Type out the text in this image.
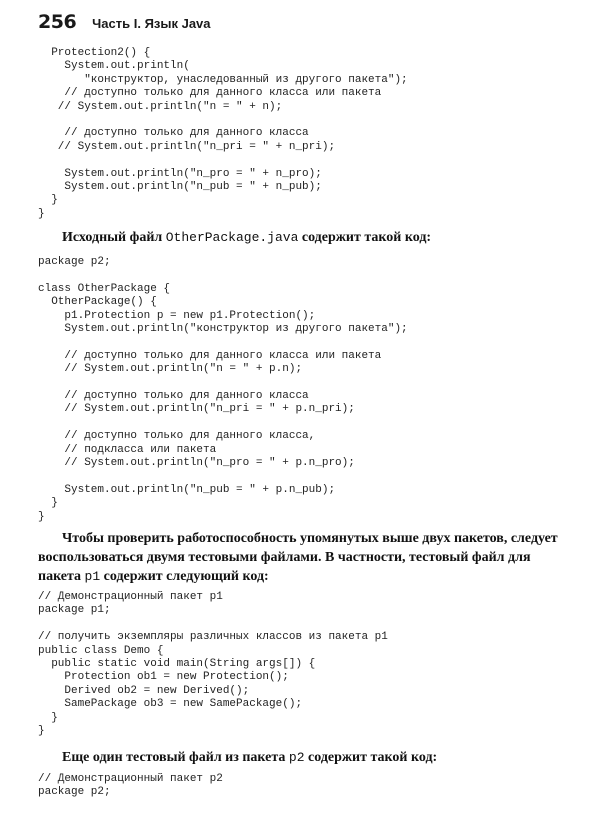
256 Часть I. Язык Java
Protection2() {
System.out.println(
"конструктор, унаследованный из другого пакета");
// доступно только для данного класса или пакета
// System.out.println("n = " + n);

// доступно только для данного класса
// System.out.println("n_pri = " + n_pri);

System.out.println("n_pro = " + n_pro);
System.out.println("n_pub = " + n_pub);
}
}
Исходный файл OtherPackage.java содержит такой код:
package p2;

class OtherPackage {
OtherPackage() {
p1.Protection p = new p1.Protection();
System.out.println("конструктор из другого пакета");

// доступно только для данного класса или пакета
// System.out.println("n = " + p.n);

// доступно только для данного класса
// System.out.println("n_pri = " + p.n_pri);

// доступно только для данного класса,
// подкласса или пакета
// System.out.println("n_pro = " + p.n_pro);

System.out.println("n_pub = " + p.n_pub);
}
}
Чтобы проверить работоспособность упомянутых выше двух пакетов, следует воспользоваться двумя тестовыми файлами. В частности, тестовый файл для пакета p1 содержит следующий код:
// Демонстрационный пакет p1
package p1;

// получить экземпляры различных классов из пакета p1
public class Demo {
public static void main(String args[]) {
Protection ob1 = new Protection();
Derived ob2 = new Derived();
SamePackage ob3 = new SamePackage();
}
}
Еще один тестовый файл из пакета p2 содержит такой код:
// Демонстрационный пакет p2
package p2;
